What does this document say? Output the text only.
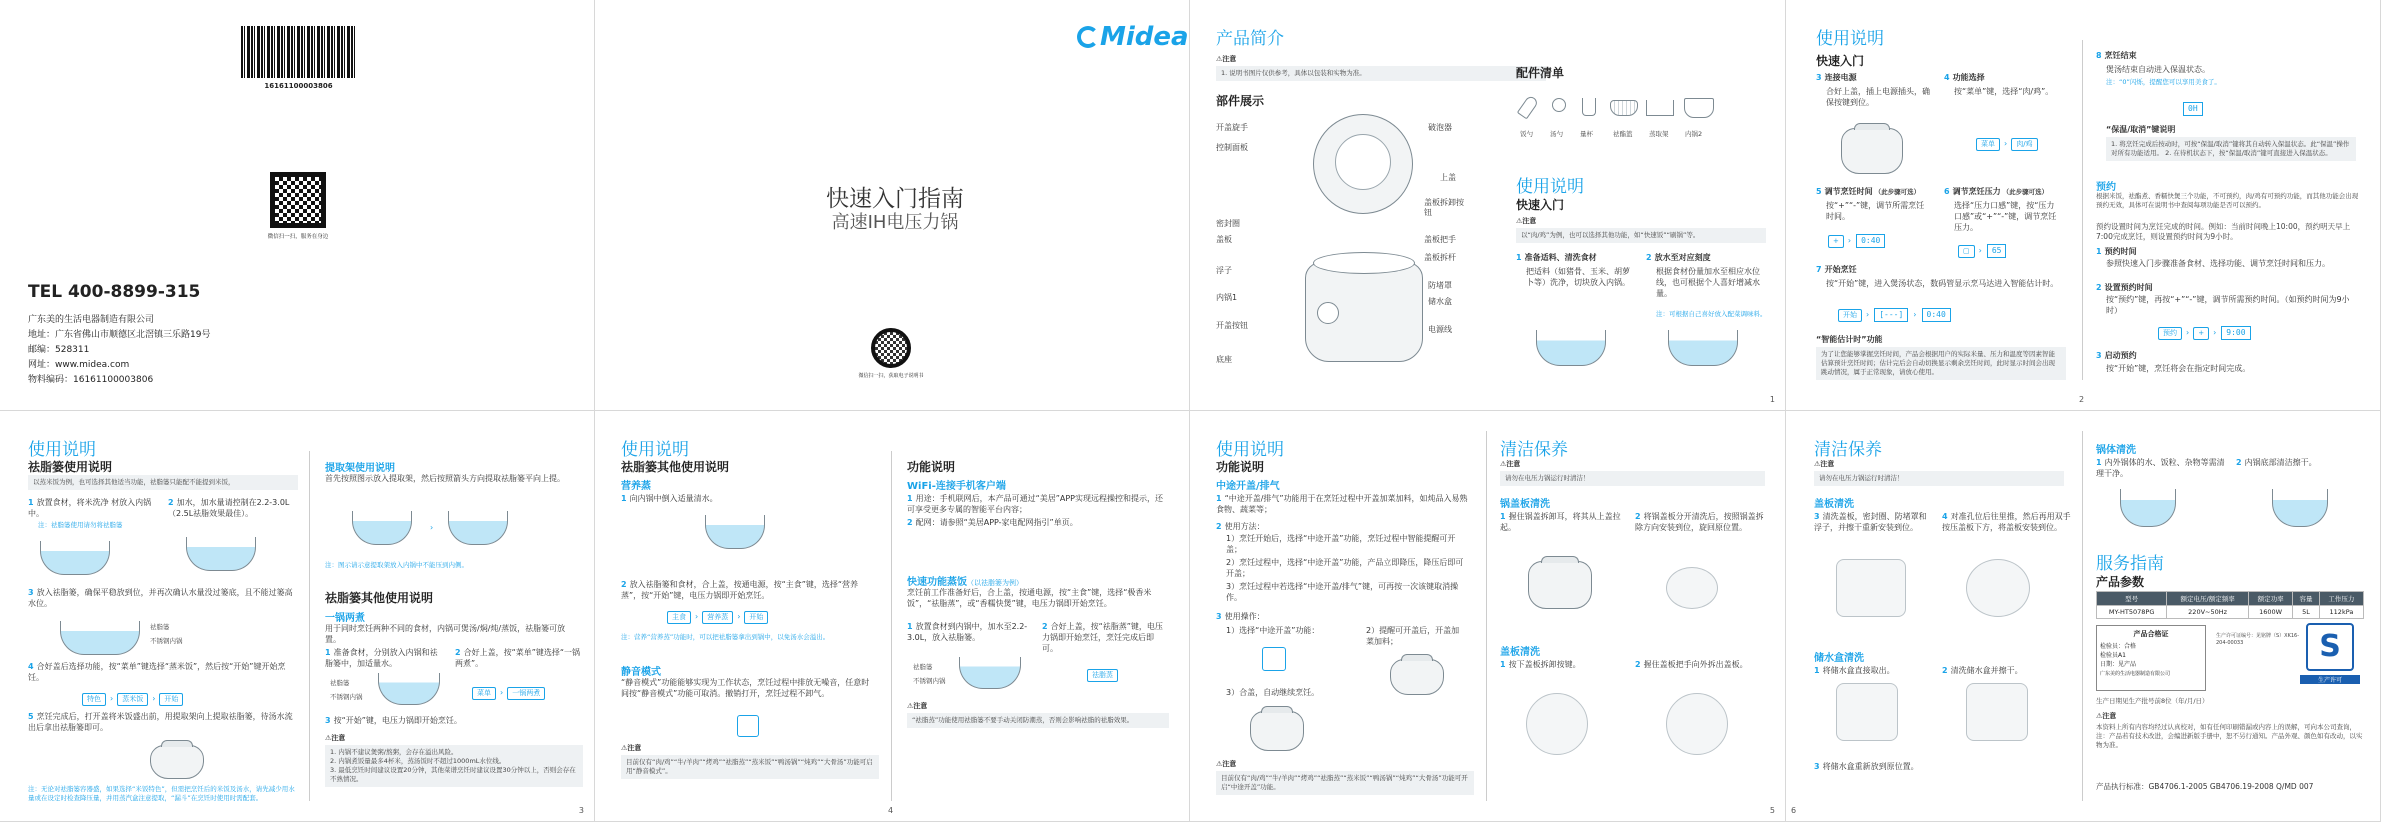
16161100003806
微信扫一扫，服务在身边
TEL 400-8899-315
广东美的生活电器制造有限公司
地址：广东省佛山市顺德区北滘镇三乐路19号
邮编：528311
网址：www.midea.com
物料编码：16161100003806
Midea
快速入门指南
高速IH电压力锅
微信扫一扫，获取电子说明书
产品简介
⚠注意
1. 说明书图片仅供参考，具体以包装和实物为准。
部件展示
开盖旋手
控制面板
密封圈
盖板
浮子
内锅1
开盖按钮
底座
破泡器
上盖
盖板拆卸按钮
盖板把手
盖板拆杆
防堵罩
储水盒
电源线
配件清单
饭勺	汤勺	量杯	祛酯篮	蒸取架	内锅2
使用说明
快速入门
⚠注意
以“肉/鸡”为例，也可以选择其他功能，如“快速饭”“刷锅”等。
1 准备适料、清洗食材
把适料（如猪骨、玉米、胡萝卜等）洗净，切块放入内锅。
2 放水至对应刻度
根据食材份量加水至相应水位线，也可根据个人喜好增减水量。
注：可根据自己喜好放入配菜调味料。
1
使用说明
快速入门
3 连接电源
合好上盖，插上电源插头，确保按键到位。
4 功能选择
按“菜单”键，选择“肉/鸡”。
菜单 › 肉/鸡
5 调节烹饪时间 （此步骤可选）
按“+”“-”键，调节所需烹饪时间。
+ › 0:40
6 调节烹饪压力 （此步骤可选）
选择“压力口感”键，按“压力口感”或“+”“-”键，调节烹饪压力。
▢ › 65
7 开始烹饪
按“开始”键，进入煲汤状态，数码管显示烹马达进入智能估计时。
开始 › [---] › 0:40
“智能估计时”功能
为了让您能够掌握烹饪时间，产品会根据用户的实际米量、压力和温度等因素智能估算预计烹饪时间；估计完后会自动切换显示剩余烹饪时间，此时显示时间会出现跳动情况，属于正常现象，请放心使用。
8 烹饪结束
煲汤结束自动进入保温状态。
注：“0”闪烁，提醒您可以享用美食了。
0H
“保温/取消”键说明
1. 将烹饪完成后按动时，可按“保温/取消”键将其自动转入保温状态。此“保温”操作对所有功能适用。 2. 在待机状态下，按“保温/取消”键可直接进入保温状态。
预约
根据米饭，祛酯煮、香糯快煲三个功能，不可预约，肉/鸡有可预约功能，而其他功能会出现预约无效，具体可在说明书中查阅每项功能是否可以预约。
预约设置时间为烹饪完成的时间。例如：当前时间晚上10:00，预约明天早上7:00完成烹饪，则设置预约时间为9小时。
1 预约时间
参照快速入门步骤准备食材、选择功能、调节烹饪时间和压力。
2 设置预约时间
按“预约”键，再按“+”“-”键，调节所需预约时间。（如预约时间为9小时）
预约 › + › 9:00
3 启动预约
按“开始”键，烹饪将会在指定时间完成。
2
使用说明
祛脂篓使用说明
以蒸米饭为例，也可选择其他适当功能，祛脂篓只能配不能提到米饭，
1 放置食材，将米洗净 材放入内锅中。
注：祛脂篓使用请勿将祛脂篓
2 加水，加水量请控制在2.2-3.0L（2.5L祛脂效果最佳）。
3 放入祛脂篓，确保平稳放到位，并再次确认水量没过篓底，且不能过篓高水位。
祛脂篓
不锈钢内锅
4 合好盖后选择功能，按“菜单”键选择“蒸米饭”，然后按“开始”键开始烹饪。
特色 › 蒸米饭 › 开始
5 烹饪完成后，打开盖将米饭盛出前，用提取架向上提取祛脂篓，待汤水流出后拿出祛脂篓即可。
注：无论对祛脂篓容器盛，如果选择“米饭特色”，但需把烹饪后的米饭及汤水，请先减少用水量或在设定时检查降压量，并用蒸汽盒注意提取，“漏斗”在烹饪时使用时需配套。
提取架使用说明
首先按照图示放入提取架，然后按照箭头方向提取祛脂篓平向上提。
›
注：图示请示意提取架放入内锅中不能压到内侧。
祛脂篓其他使用说明
一锅两煮
用于同时烹饪两种不同的食材，内锅可煲汤/焖/炖/蒸饭，祛脂篓可放置。
1 准备食材，分别放入内锅和祛脂篓中，加适量水。
2 合好上盖，按“菜单”键选择“一锅两煮”。
祛脂篓
不锈钢内锅	菜单 › 一锅两煮
3 按“开始”键，电压力锅即开始烹饪。
⚠注意
1. 内锅不建议煲粥/熬粥，会存在溢出风险。
2. 内锅煮饭量最多4杯米，蒸汤饭时不超过1000mL水位线。
3. 最低烹饪时间建议设置20分钟，其他菜谱烹饪时建议设置30分钟以上，否则会存在不熟情况。
3
使用说明
祛脂篓其他使用说明
营养蒸
1 向内锅中倒入适量清水。
2 放入祛脂篓和食材，合上盖，按通电源，按“主食”键，选择“营养蒸”，按“开始”键，电压力锅即开始烹饪。
主食 › 营养蒸 › 开始
注：营养“营养蒸”功能时，可以把祛脂篓拿出到锅中，以免汤水会溢出。
静音模式
“静音模式”功能能够实现为工作状态，烹饪过程中排放无噪音，任意时间按“静音模式”功能可取消。撤销打开，烹饪过程不卸气。
⚠注意
目前仅有“肉/鸡”“牛/羊肉”“烤鸡”“祛脂蒸”“蒸米饭”“鸭汤锅”“炖鸡”“大骨汤”功能可启用“静音模式”。
功能说明
WiFi-连接手机客户端
1 用途：手机联网后，本产品可通过“美居”APP实现远程操控和提示，还可享受更多专属的智能平台内容；
2 配网：请参照“美居APP-家电配网指引”单页。
快速功能蒸饭（以祛脂篓为例）
烹饪前工作准备好后，合上盖，按通电源，按“主食”键，选择“极香米饭”，“祛脂蒸”，或“香糯快煲”键，电压力锅即开始烹饪。
1 放置食材到内锅中，加水至2.2-3.0L，放入祛脂篓。
2 合好上盖，按“祛脂蒸”键，电压力锅即开始烹饪，烹饪完成后即可。
祛脂篓
不锈钢内锅
祛脂蒸
⚠注意
“祛脂蒸”功能使用祛脂篓不要手动关闭防潮蒸，否则会影响祛脂的祛脂效果。
4
使用说明
功能说明
中途开盖/排气
1 “中途开盖/排气”功能用于在烹饪过程中开盖加菜加料，如炖品入易熟食物、蔬菜等；
2 使用方法：
1）烹饪开始后，选择“中途开盖”功能，烹饪过程中智能提醒可开盖；
2）烹饪过程中，选择“中途开盖”功能，产品立即降压，降压后即可开盖；
3）烹饪过程中若选择“中途开盖/排气”键，可再按一次该键取消操作。
3 使用操作：
1）选择“中途开盖”功能：	2）提醒可开盖后，开盖加菜加料；
3）合盖，自动继续烹饪。
⚠注意
目前仅有“肉/鸡”“牛/羊肉”“烤鸡”“祛脂蒸”“蒸米饭”“鸭汤锅”“炖鸡”“大骨汤”功能可开启“中途开盖”功能。
清洁保养
⚠注意
请勿在电压力锅运行时清洁！
锅盖板清洗
1 握住锅盖拆卸耳，将其从上盖拉起。
2 将锅盖板分开清洗后，按照锅盖拆除方向安装到位，旋回原位置。
盖板清洗
1 按下盖板拆卸按键。	2 握住盖板把手向外拆出盖板。
5
清洁保养
⚠注意
请勿在电压力锅运行时清洁！
盖板清洗
3 清洗盖板，密封圈、防堵罩和浮子，并擦干重新安装到位。
4 对准孔位后往里推，然后再用双手按压盖板下方，将盖板安装到位。
储水盒清洗
1 将储水盒直接取出。	2 清洗储水盒并擦干。
3 将储水盒重新放到原位置。
锅体清洗
1 内外锅体的水、饭粒、杂物等需清理干净。
2 内锅底部清洁擦干。
服务指南
产品参数
型号	额定电压/额定频率	额定功率	容量	工作压力
MY-HT5078PG	220V~50Hz	1600W	5L	112kPa
产品合格证
检验员：合格
检验员A1
日期：见产品
广东美的生活电器制造有限公司
S
生产许可
生产日期见生产批号前8位（年/月/日）
生产许可证编号：见铭牌（S）XK16-204-00033
⚠注意
本资料上所有内容均经过认真校对，如有任何印刷错漏或内容上的误解，可向本公司查询，注：产品若有技术改进，会编进新版手册中，恕不另行通知。产品外观、颜色如有改动，以实物为准。
产品执行标准：GB4706.1-2005 GB4706.19-2008 Q/MD 007
6
